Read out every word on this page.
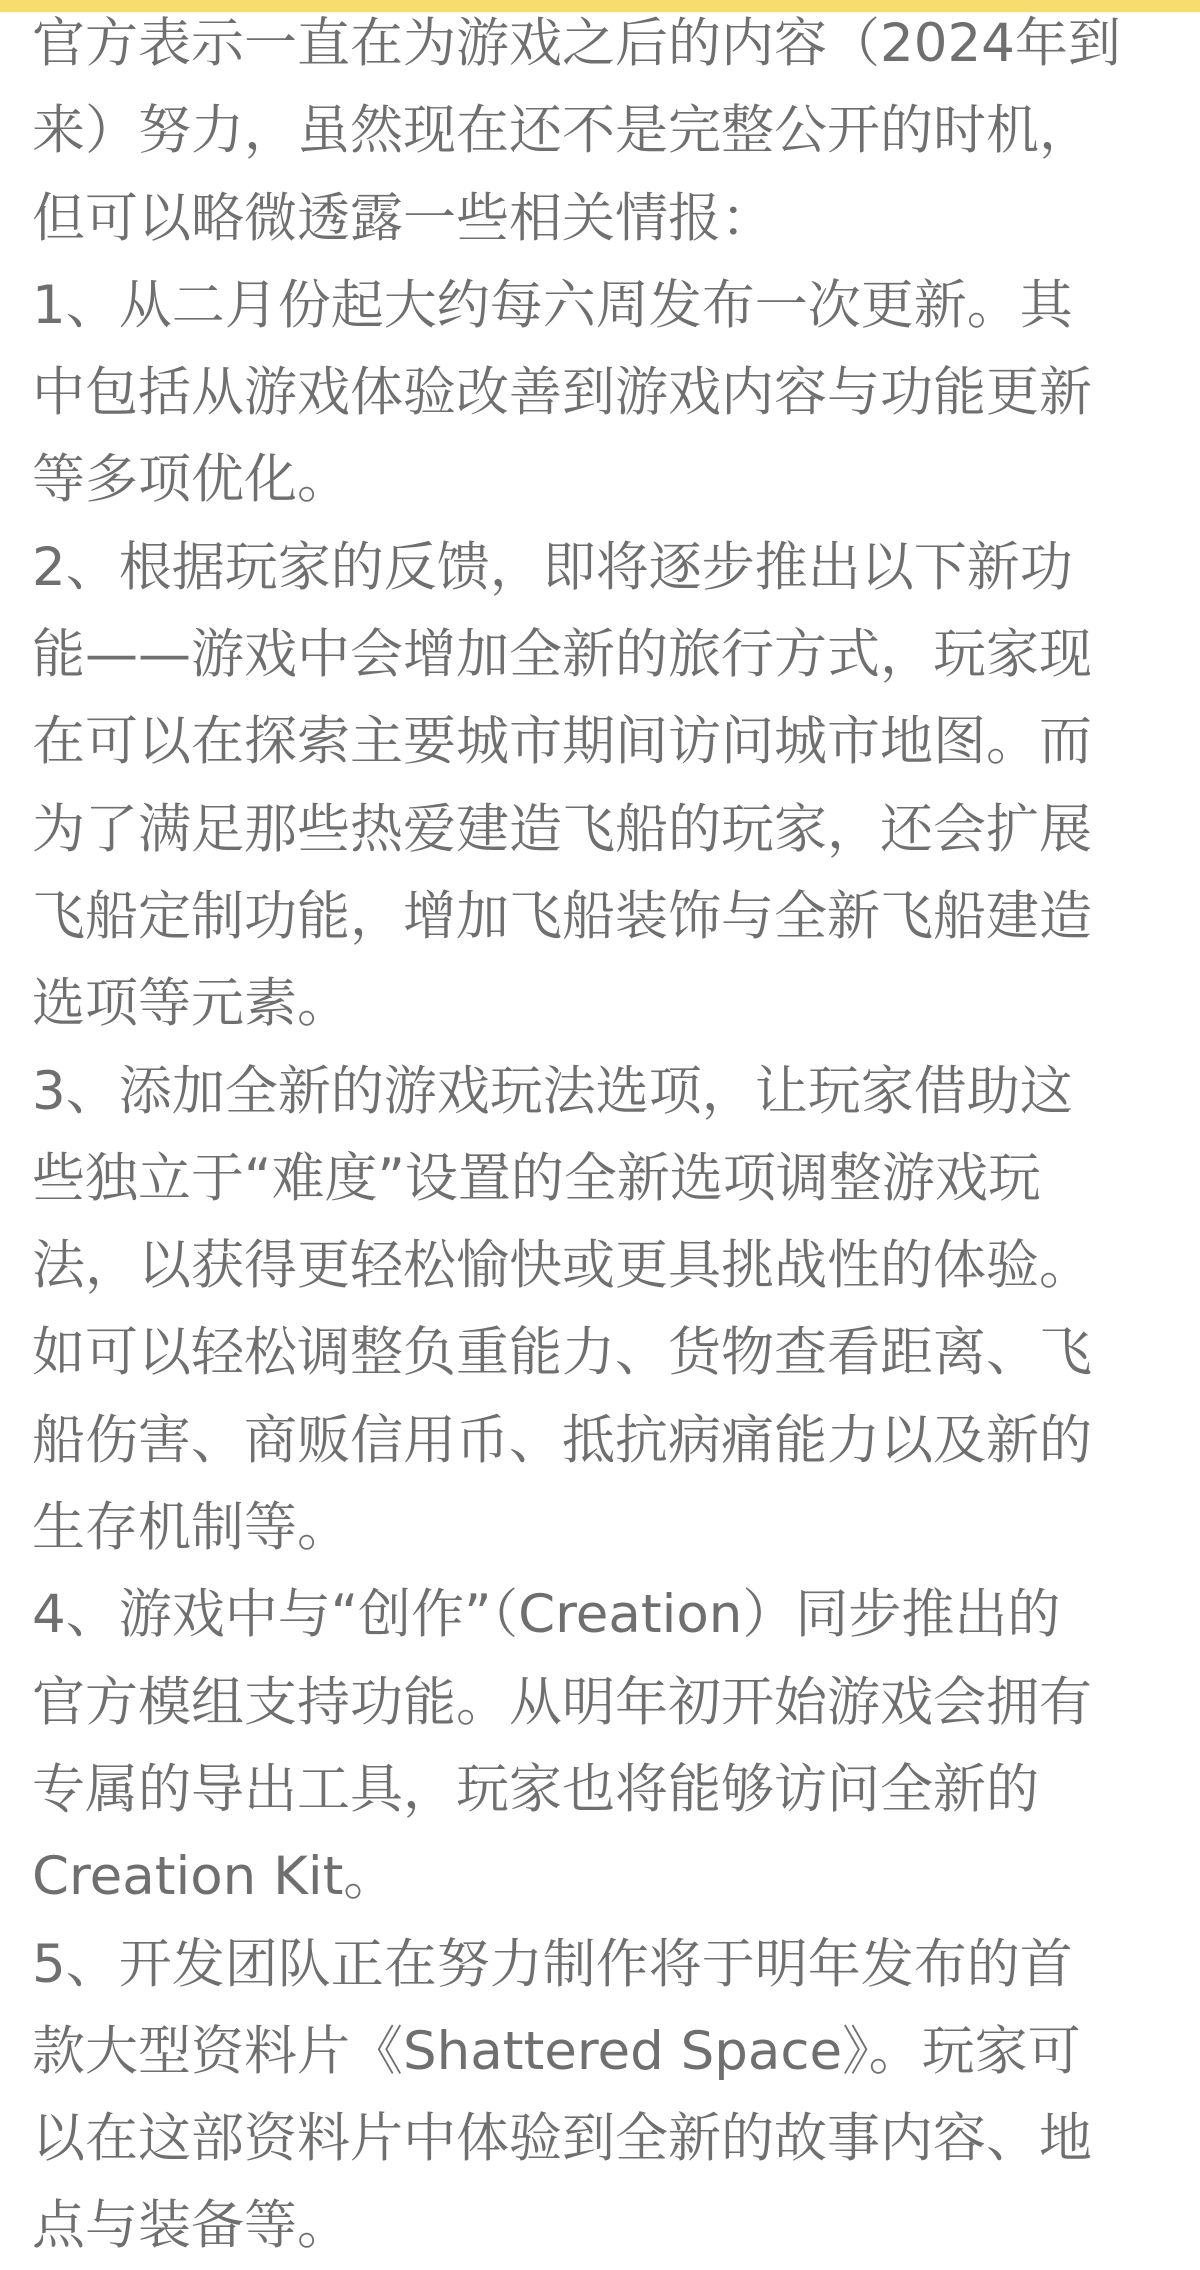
官方表示一直在为游戏之后的内容（2024年到
来）努力，虽然现在还不是完整公开的时机，
但可以略微透露一些相关情报：
1、从二月份起大约每六周发布一次更新。其
中包括从游戏体验改善到游戏内容与功能更新
等多项优化。
2、根据玩家的反馈，即将逐步推出以下新功
能——游戏中会增加全新的旅行方式，玩家现
在可以在探索主要城市期间访问城市地图。而
为了满足那些热爱建造飞船的玩家，还会扩展
飞船定制功能，增加飞船装饰与全新飞船建造
选项等元素。
3、添加全新的游戏玩法选项，让玩家借助这
些独立于“难度”设置的全新选项调整游戏玩
法，以获得更轻松愉快或更具挑战性的体验。
如可以轻松调整负重能力、货物查看距离、飞
船伤害、商贩信用币、抵抗病痛能力以及新的
生存机制等。
4、游戏中与“创作”（Creation）同步推出的
官方模组支持功能。从明年初开始游戏会拥有
专属的导出工具，玩家也将能够访问全新的
Creation Kit。
5、开发团队正在努力制作将于明年发布的首
款大型资料片《Shattered Space》。玩家可
以在这部资料片中体验到全新的故事内容、地
点与装备等。
